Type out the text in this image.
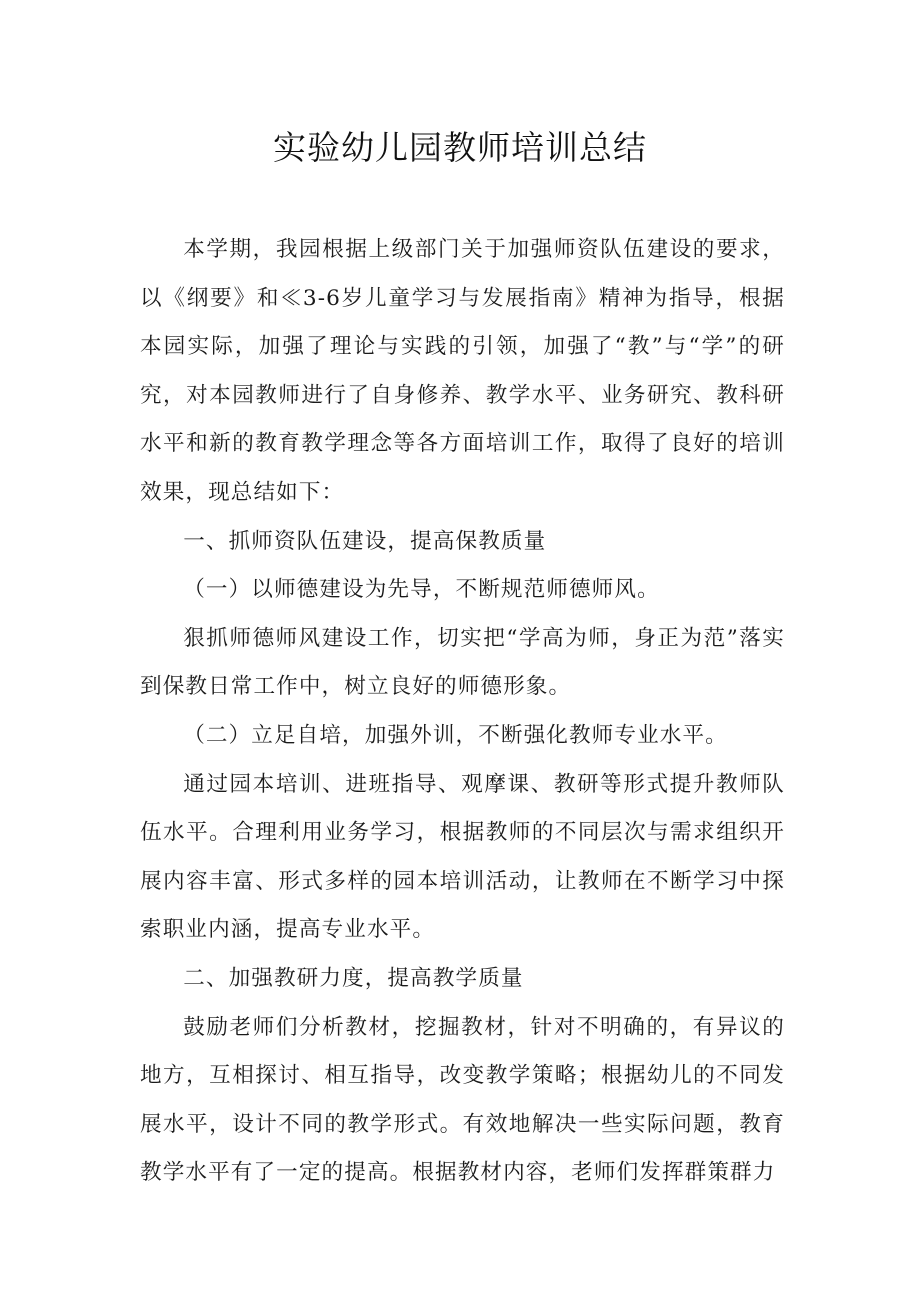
实验幼儿园教师培训总结

本学期，我园根据上级部门关于加强师资队伍建设的要求，以《纲要》和≪3-6岁儿童学习与发展指南》精神为指导，根据本园实际，加强了理论与实践的引领，加强了“教”与“学”的研究，对本园教师进行了自身修养、教学水平、业务研究、教科研水平和新的教育教学理念等各方面培训工作，取得了良好的培训效果，现总结如下：

一、抓师资队伍建设，提高保教质量

（一）以师德建设为先导，不断规范师德师风。

狠抓师德师风建设工作，切实把“学高为师，身正为范”落实到保教日常工作中，树立良好的师德形象。

（二）立足自培，加强外训，不断强化教师专业水平。

通过园本培训、进班指导、观摩课、教研等形式提升教师队伍水平。合理利用业务学习，根据教师的不同层次与需求组织开展内容丰富、形式多样的园本培训活动，让教师在不断学习中探索职业内涵，提高专业水平。

二、加强教研力度，提高教学质量

鼓励老师们分析教材，挖掘教材，针对不明确的，有异议的地方，互相探讨、相互指导，改变教学策略；根据幼儿的不同发展水平，设计不同的教学形式。有效地解决一些实际问题，教育教学水平有了一定的提高。根据教材内容，老师们发挥群策群力
